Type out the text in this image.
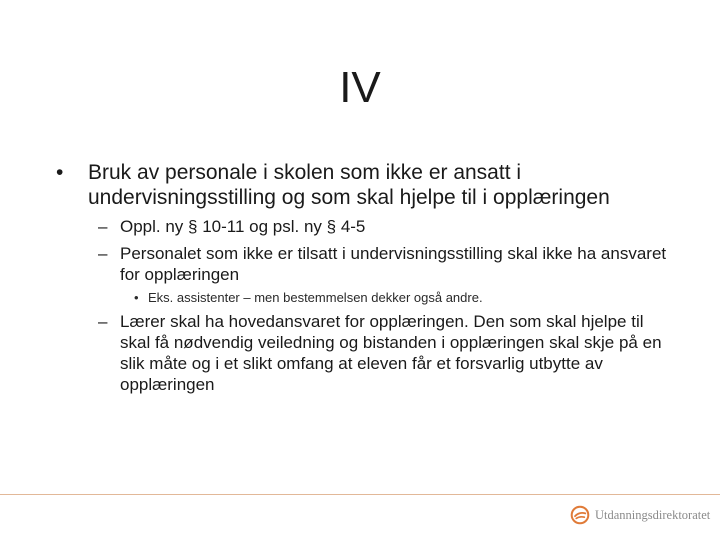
IV
• Bruk av personale i skolen som ikke er ansatt i undervisningsstilling og som skal hjelpe til i opplæringen
– Oppl. ny § 10-11 og psl. ny § 4-5
– Personalet som ikke er tilsatt i undervisningsstilling skal ikke ha ansvaret for opplæringen
• Eks. assistenter – men bestemmelsen dekker også andre.
– Lærer skal ha hovedansvaret for opplæringen. Den som skal hjelpe til skal få nødvendig veiledning og bistanden i opplæringen skal skje på en slik måte og i et slikt omfang at eleven får et forsvarlig utbytte av opplæringen
Utdanningsdirektoratet
